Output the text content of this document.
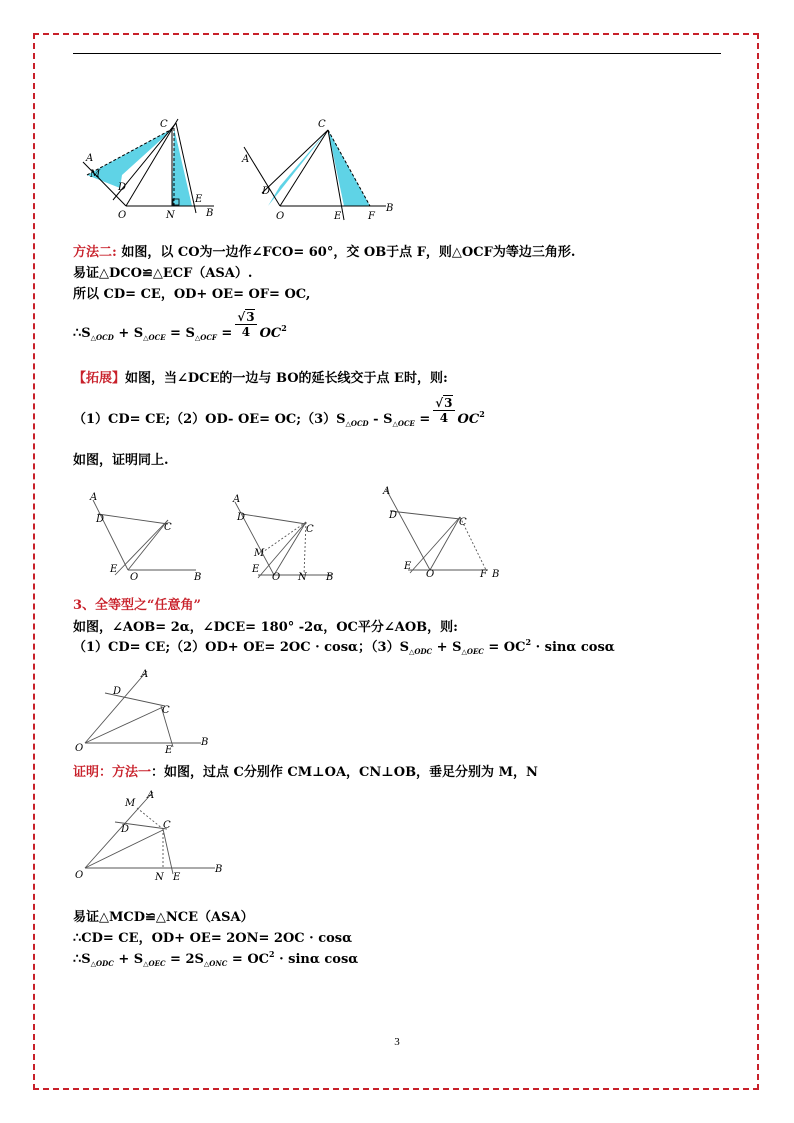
C
A
M
D
O	N
E
B
C
A
D
O	E	F
B
方法二: 如图，以 CO为一边作∠FCO= 60°，交 OB于点 F，则△OCF为等边三角形.
易证△DCO≌△ECF（ASA）.
所以 CD= CE，OD+ OE= OF= OC,
$\therefore S_{\triangle OCD} + S_{\triangle OCE} = S_{\triangle OCF} = \frac{√3}{4} OC^2$
【拓展】如图，当∠DCE的一边与 BO的延长线交于点 E时，则:
（1）CD= CE;（2）OD- $OE= OC;(3)S_{\triangle OCD} - S_{\triangle OCE} = \frac{√3}{4} OC^2$
如图，证明同上.
A
D
C
E
O	B
A
D
C
M
E
O N B
A
D
C
E
O	F B
3、全等型之“任意角”
如图，∠AOB= 2α，∠DCE= 180° -2α，OC平分∠AOB，则:
（1）CD= CE;（2）OD+ OE= 2OC · cosα；$(3)S_{\triangle ODC} + S_{\triangle OEC} = OC^2 \cdot \sin\alpha$ cosα
A
D
C
O	E
B
证明：方法一：如图，过点 C分别作 CM⊥OA，CN⊥OB，垂足分别为 M，N
M
A
D	C
O	N E
B
易证△MCD≌△NCE（ASA）
∴CD= CE，OD+ OE= 2ON= 2OC · cosα
$\therefore S_{\triangle ODC} + S_{\triangle OEC} = 2S_{\triangle ONC} = OC^2 \cdot \sin\alpha$ cosα
3
